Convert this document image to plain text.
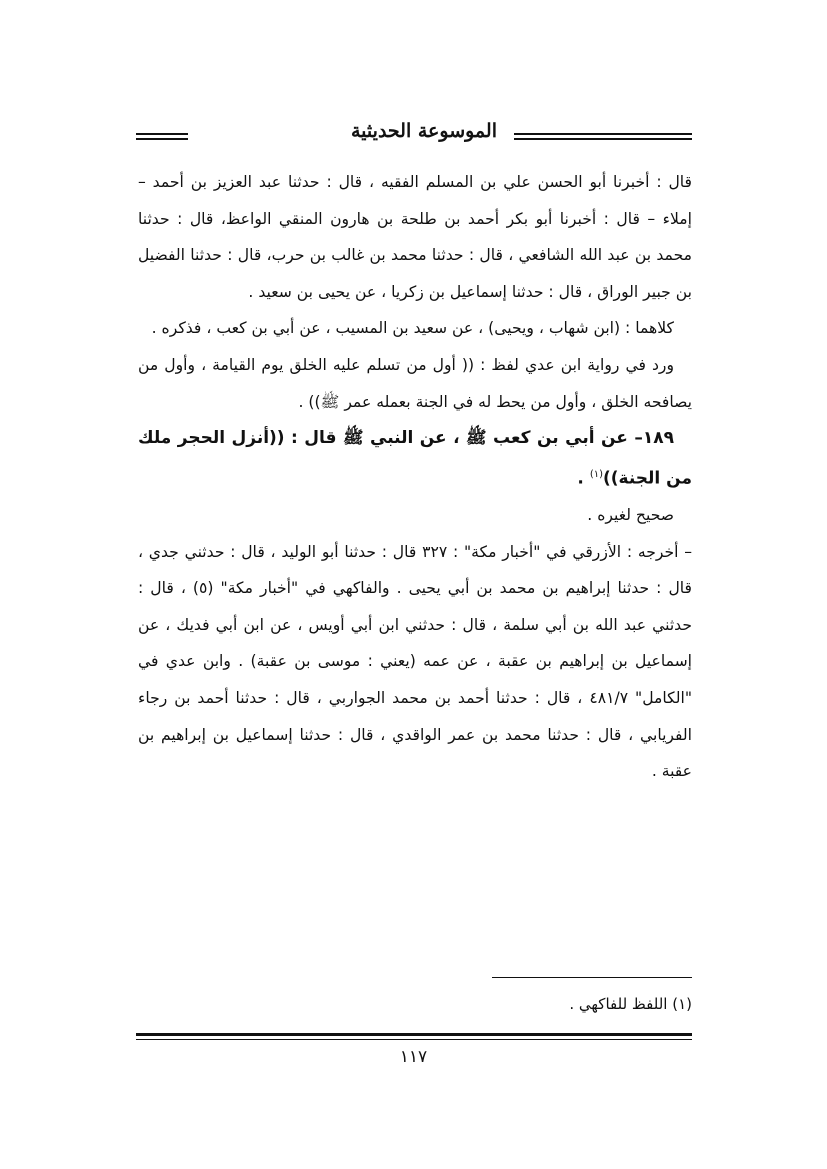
الموسوعة الحديثية

قال : أخبرنا أبو الحسن علي بن المسلم الفقيه ، قال : حدثنا عبد العزيز بن أحمد – إملاء – قال : أخبرنا أبو بكر أحمد بن طلحة بن هارون المنقي الواعظ، قال : حدثنا محمد بن عبد الله الشافعي ، قال : حدثنا محمد بن غالب بن حرب، قال : حدثنا الفضيل بن جبير الوراق ، قال : حدثنا إسماعيل بن زكريا ، عن يحيى بن سعيد .

كلاهما : (ابن شهاب ، ويحيى) ، عن سعيد بن المسيب ، عن أبي بن كعب ، فذكره .

ورد في رواية ابن عدي لفظ : (( أول من تسلم عليه الخلق يوم القيامة ، وأول من يصافحه الخلق ، وأول من يحط له في الجنة بعمله عمر ﷺ)) .

١٨٩– عن أبي بن كعب ﷺ ، عن النبي ﷺ قال : ((أنزل الحجر ملك من الجنة))$^{(١)}$ .

صحيح لغيره .

– أخرجه : الأزرقي في "أخبار مكة" : ٣٢٧ قال : حدثنا أبو الوليد ، قال : حدثني جدي ، قال : حدثنا إبراهيم بن محمد بن أبي يحيى . والفاكهي في "أخبار مكة" (٥) ، قال : حدثني عبد الله بن أبي سلمة ، قال : حدثني ابن أبي أويس ، عن ابن أبي فديك ، عن إسماعيل بن إبراهيم بن عقبة ، عن عمه (يعني : موسى بن عقبة) . وابن عدي في "الكامل" ٤٨١/٧ ، قال : حدثنا أحمد بن محمد الجواربي ، قال : حدثنا أحمد بن رجاء الفريابي ، قال : حدثنا محمد بن عمر الواقدي ، قال : حدثنا إسماعيل بن إبراهيم بن عقبة .

(١) اللفظ للفاكهي .
١١٧
